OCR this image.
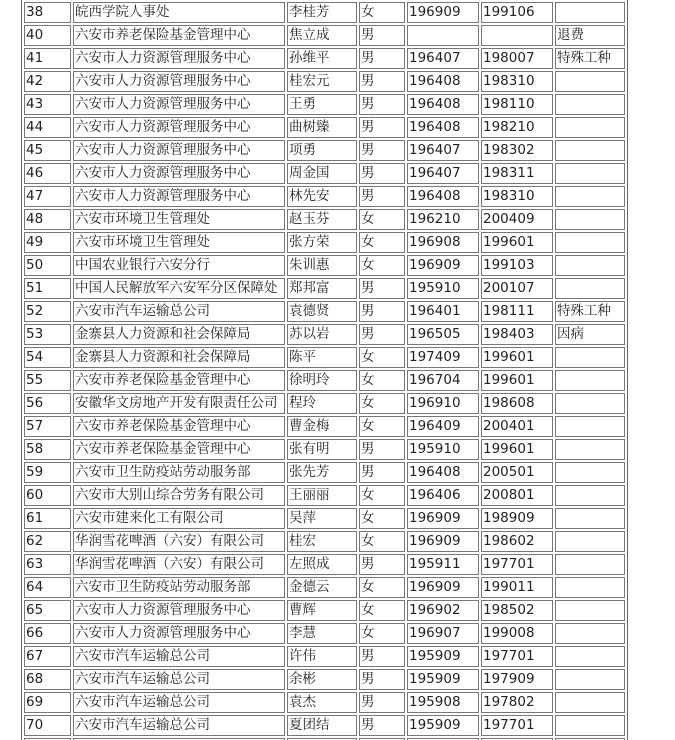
38	皖西学院人事处	李桂芳	女	196909	199106	
40	六安市养老保险基金管理中心	焦立成	男			退费
41	六安市人力资源管理服务中心	孙维平	男	196407	198007	特殊工种
42	六安市人力资源管理服务中心	桂宏元	男	196408	198310	
43	六安市人力资源管理服务中心	王勇	男	196408	198110	
44	六安市人力资源管理服务中心	曲树臻	男	196408	198210	
45	六安市人力资源管理服务中心	项勇	男	196407	198302	
46	六安市人力资源管理服务中心	周金国	男	196407	198311	
47	六安市人力资源管理服务中心	林先安	男	196408	198310	
48	六安市环境卫生管理处	赵玉芬	女	196210	200409	
49	六安市环境卫生管理处	张方荣	女	196908	199601	
50	中国农业银行六安分行	朱训惠	女	196909	199103	
51	中国人民解放军六安军分区保障处	郑邦富	男	195910	200107	
52	六安市汽车运输总公司	袁德贤	男	196401	198111	特殊工种
53	金寨县人力资源和社会保障局	苏以岩	男	196505	198403	因病
54	金寨县人力资源和社会保障局	陈平	女	197409	199601	
55	六安市养老保险基金管理中心	徐明玲	女	196704	199601	
56	安徽华文房地产开发有限责任公司	程玲	女	196910	198608	
57	六安市养老保险基金管理中心	曹金梅	女	196409	200401	
58	六安市养老保险基金管理中心	张有明	男	195910	199601	
59	六安市卫生防疫站劳动服务部	张先芳	男	196408	200501	
60	六安市大别山综合劳务有限公司	王丽丽	女	196406	200801	
61	六安市建来化工有限公司	吴萍	女	196909	198909	
62	华润雪花啤酒（六安）有限公司	桂宏	女	196909	198602	
63	华润雪花啤酒（六安）有限公司	左照成	男	195911	197701	
64	六安市卫生防疫站劳动服务部	金德云	女	196909	199011	
65	六安市人力资源管理服务中心	曹辉	女	196902	198502	
66	六安市人力资源管理服务中心	李慧	女	196907	199008	
67	六安市汽车运输总公司	许伟	男	195909	197701	
68	六安市汽车运输总公司	余彬	男	195909	197909	
69	六安市汽车运输总公司	袁杰	男	195908	197802	
70	六安市汽车运输总公司	夏团结	男	195909	197701	
